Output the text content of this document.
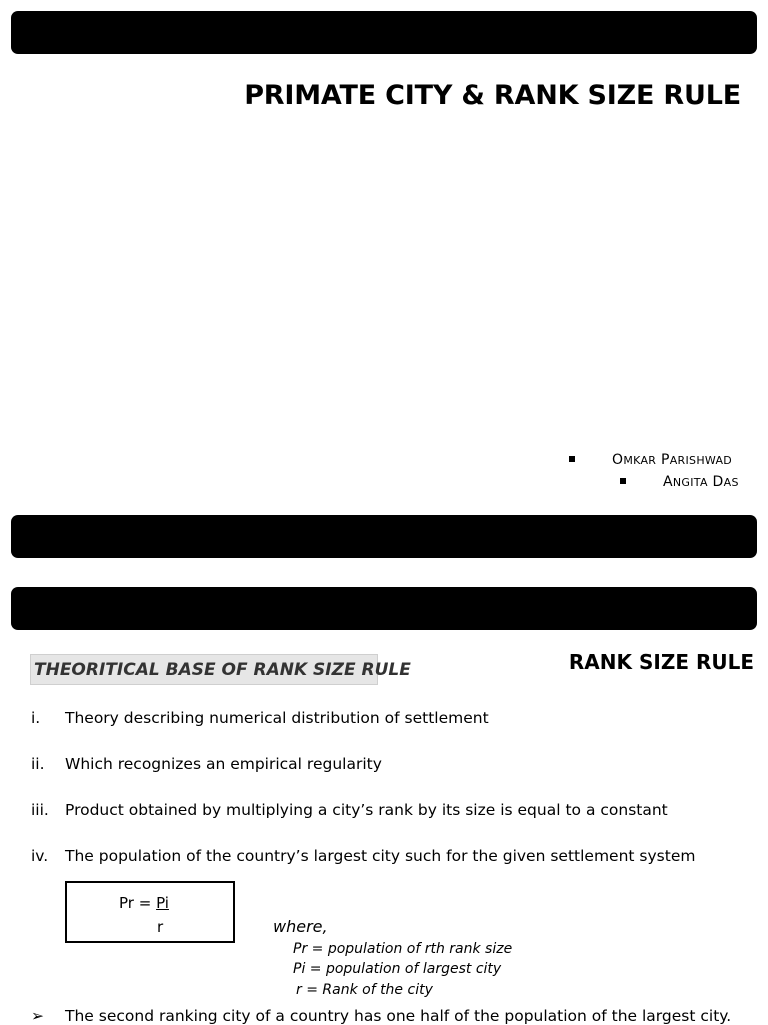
PRIMATE CITY & RANK SIZE RULE
OMKAR PARISHWAD
ANGITA DAS
THEORITICAL BASE OF RANK SIZE RULE	RANK SIZE RULE
i. Theory describing numerical distribution of settlement
ii. Which recognizes an empirical regularity
iii. Product obtained by multiplying a city’s rank by its size is equal to a constant
iv. The population of the country’s largest city such for the given settlement system
Pr = Pi
r	where,
Pr = population of rth rank size
Pi = population of largest city
r = Rank of the city
➢ The second ranking city of a country has one half of the population of the largest city.
